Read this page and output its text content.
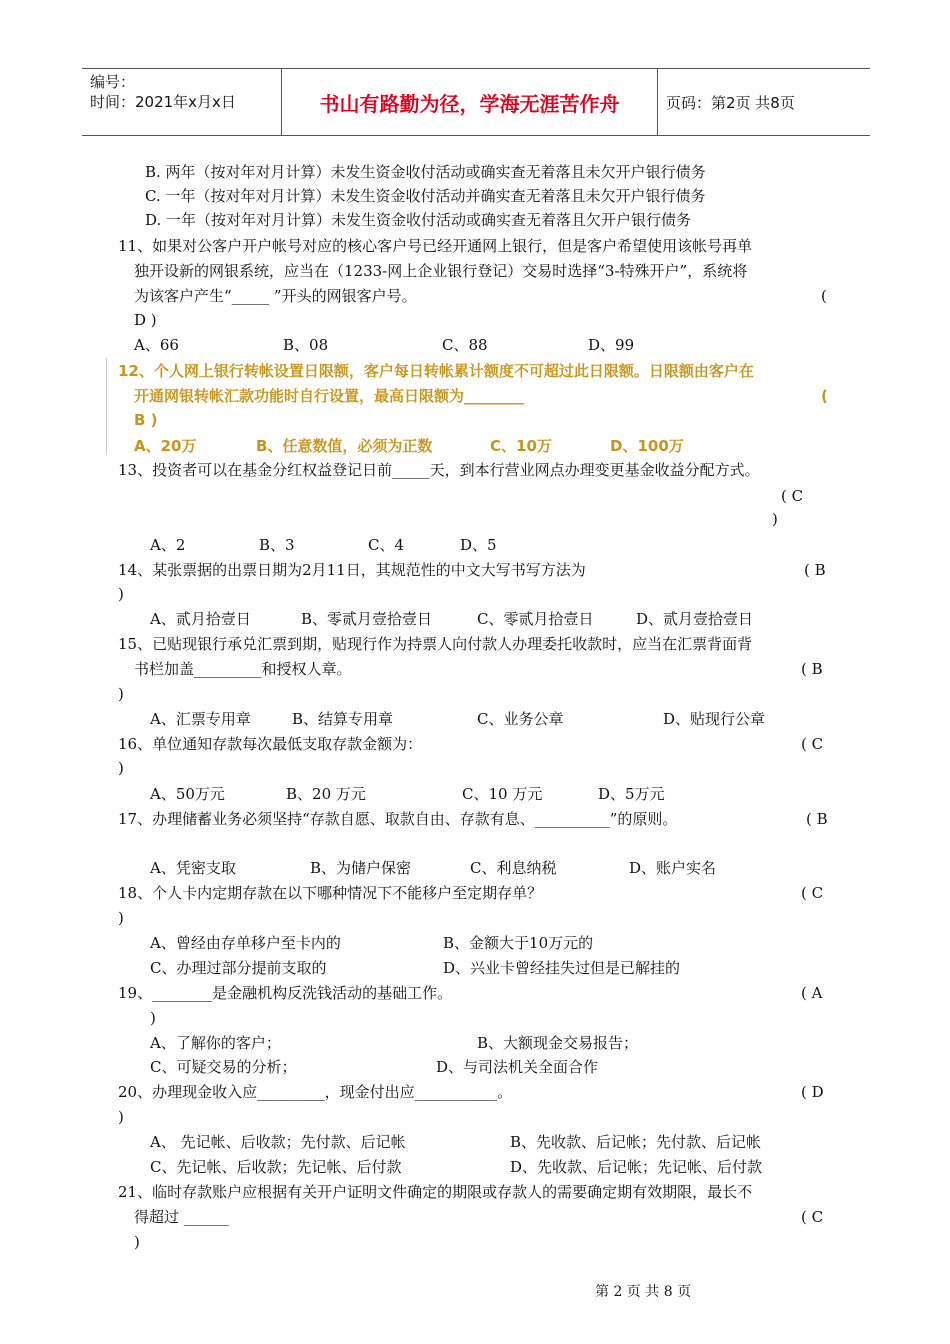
编号：
时间：2021年x月x日	书山有路勤为径，学海无涯苦作舟	页码：第2页 共8页
B. 两年（按对年对月计算）未发生资金收付活动或确实查无着落且未欠开户银行债务
C. 一年（按对年对月计算）未发生资金收付活动并确实查无着落且未欠开户银行债务
D. 一年（按对年对月计算）未发生资金收付活动或确实查无着落且欠开户银行债务
11、如果对公客户开户帐号对应的核心客户号已经开通网上银行，但是客户希望使用该帐号再单
独开设新的网银系统，应当在（1233-网上企业银行登记）交易时选择“3-特殊开户”，系统将
为该客户产生“_____ ”开头的网银客户号。	(
D )
A、66	B、08	C、88	D、99
12、个人网上银行转帐设置日限额，客户每日转帐累计额度不可超过此日限额。日限额由客户在
开通网银转帐汇款功能时自行设置，最高日限额为________	(
B )
A、20万	B、任意数值，必须为正数	C、10万	D、100万
13、投资者可以在基金分红权益登记日前_____天，到本行营业网点办理变更基金收益分配方式。
( C
)
A、2	B、3	C、4	D、5
14、某张票据的出票日期为2月11日，其规范性的中文大写书写方法为	( B
)
A、贰月拾壹日	B、零贰月壹拾壹日	C、零贰月拾壹日	D、贰月壹拾壹日
15、已贴现银行承兑汇票到期，贴现行作为持票人向付款人办理委托收款时，应当在汇票背面背
书栏加盖_________和授权人章。	( B
)
A、汇票专用章	B、结算专用章	C、业务公章	D、贴现行公章
16、单位通知存款每次最低支取存款金额为：	( C
)
A、50万元	B、20 万元	C、10 万元	D、5万元
17、办理储蓄业务必须坚持“存款自愿、取款自由、存款有息、__________”的原则。	( B
A、凭密支取	B、为储户保密	C、利息纳税	D、账户实名
18、个人卡内定期存款在以下哪种情况下不能移户至定期存单？	( C
)
A、曾经由存单移户至卡内的	B、金额大于10万元的
C、办理过部分提前支取的	D、兴业卡曾经挂失过但是已解挂的
19、________是金融机构反洗钱活动的基础工作。	( A
)
A、了解你的客户；	B、大额现金交易报告；
C、可疑交易的分析；	D、与司法机关全面合作
20、办理现金收入应_________，现金付出应___________。	( D
)
A、 先记帐、后收款；先付款、后记帐	B、先收款、后记帐；先付款、后记帐
C、先记帐、后收款；先记帐、后付款	D、先收款、后记帐；先记帐、后付款
21、临时存款账户应根据有关开户证明文件确定的期限或存款人的需要确定期有效期限，最长不
得超过 ______	( C
)
第 2 页 共 8 页
